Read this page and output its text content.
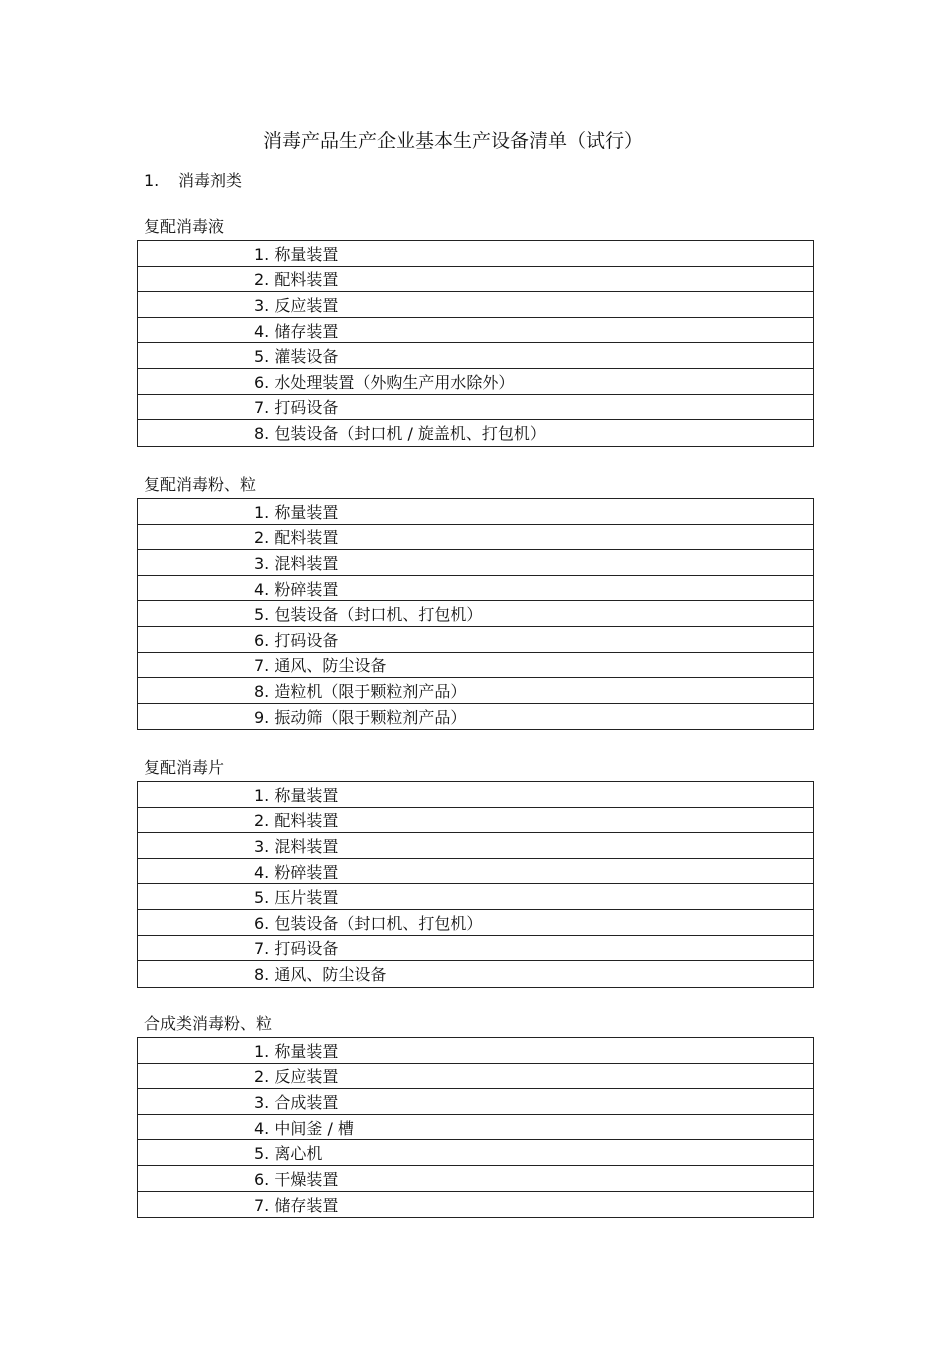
消毒产品生产企业基本生产设备清单（试行）
1. 消毒剂类
复配消毒液
1. 称量装置
2. 配料装置
3. 反应装置
4. 储存装置
5. 灌装设备
6. 水处理装置（外购生产用水除外）
7. 打码设备
8. 包装设备（封口机 / 旋盖机、打包机）
复配消毒粉、粒
1. 称量装置
2. 配料装置
3. 混料装置
4. 粉碎装置
5. 包装设备（封口机、打包机）
6. 打码设备
7. 通风、防尘设备
8. 造粒机（限于颗粒剂产品）
9. 振动筛（限于颗粒剂产品）
复配消毒片
1. 称量装置
2. 配料装置
3. 混料装置
4. 粉碎装置
5. 压片装置
6. 包装设备（封口机、打包机）
7. 打码设备
8. 通风、防尘设备
合成类消毒粉、粒
1. 称量装置
2. 反应装置
3. 合成装置
4. 中间釜 / 槽
5. 离心机
6. 干燥装置
7. 储存装置
